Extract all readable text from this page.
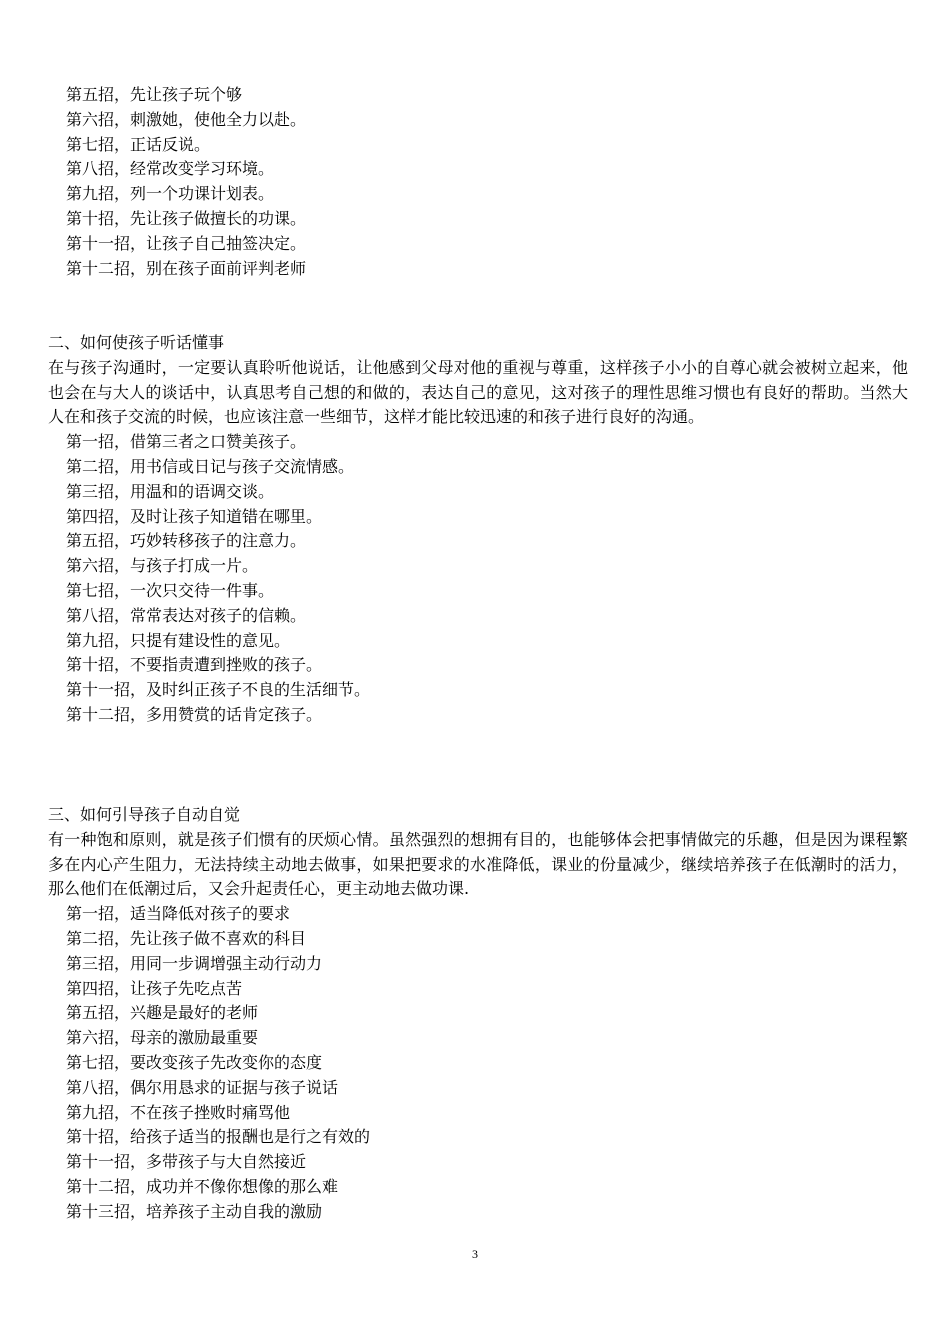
第五招，先让孩子玩个够
第六招，刺激她，使他全力以赴。
第七招，正话反说。
第八招，经常改变学习环境。
第九招，列一个功课计划表。
第十招，先让孩子做擅长的功课。
第十一招，让孩子自己抽签决定。
第十二招，别在孩子面前评判老师
二、如何使孩子听话懂事
在与孩子沟通时，一定要认真聆听他说话，让他感到父母对他的重视与尊重，这样孩子小小的自尊心就会被树立起来，他也会在与大人的谈话中，认真思考自己想的和做的，表达自己的意见，这对孩子的理性思维习惯也有良好的帮助。当然大人在和孩子交流的时候，也应该注意一些细节，这样才能比较迅速的和孩子进行良好的沟通。
第一招，借第三者之口赞美孩子。
第二招，用书信或日记与孩子交流情感。
第三招，用温和的语调交谈。
第四招，及时让孩子知道错在哪里。
第五招，巧妙转移孩子的注意力。
第六招，与孩子打成一片。
第七招，一次只交待一件事。
第八招，常常表达对孩子的信赖。
第九招，只提有建设性的意见。
第十招，不要指责遭到挫败的孩子。
第十一招，及时纠正孩子不良的生活细节。
第十二招，多用赞赏的话肯定孩子。
三、如何引导孩子自动自觉
有一种饱和原则，就是孩子们惯有的厌烦心情。虽然强烈的想拥有目的，也能够体会把事情做完的乐趣，但是因为课程繁多在内心产生阻力，无法持续主动地去做事，如果把要求的水准降低，课业的份量减少，继续培养孩子在低潮时的活力，那么他们在低潮过后，又会升起责任心，更主动地去做功课.
第一招，适当降低对孩子的要求
第二招，先让孩子做不喜欢的科目
第三招，用同一步调增强主动行动力
第四招，让孩子先吃点苦
第五招，兴趣是最好的老师
第六招，母亲的激励最重要
第七招，要改变孩子先改变你的态度
第八招，偶尔用恳求的证据与孩子说话
第九招，不在孩子挫败时痛骂他
第十招，给孩子适当的报酬也是行之有效的
第十一招，多带孩子与大自然接近
第十二招，成功并不像你想像的那么难
第十三招，培养孩子主动自我的激励
3
